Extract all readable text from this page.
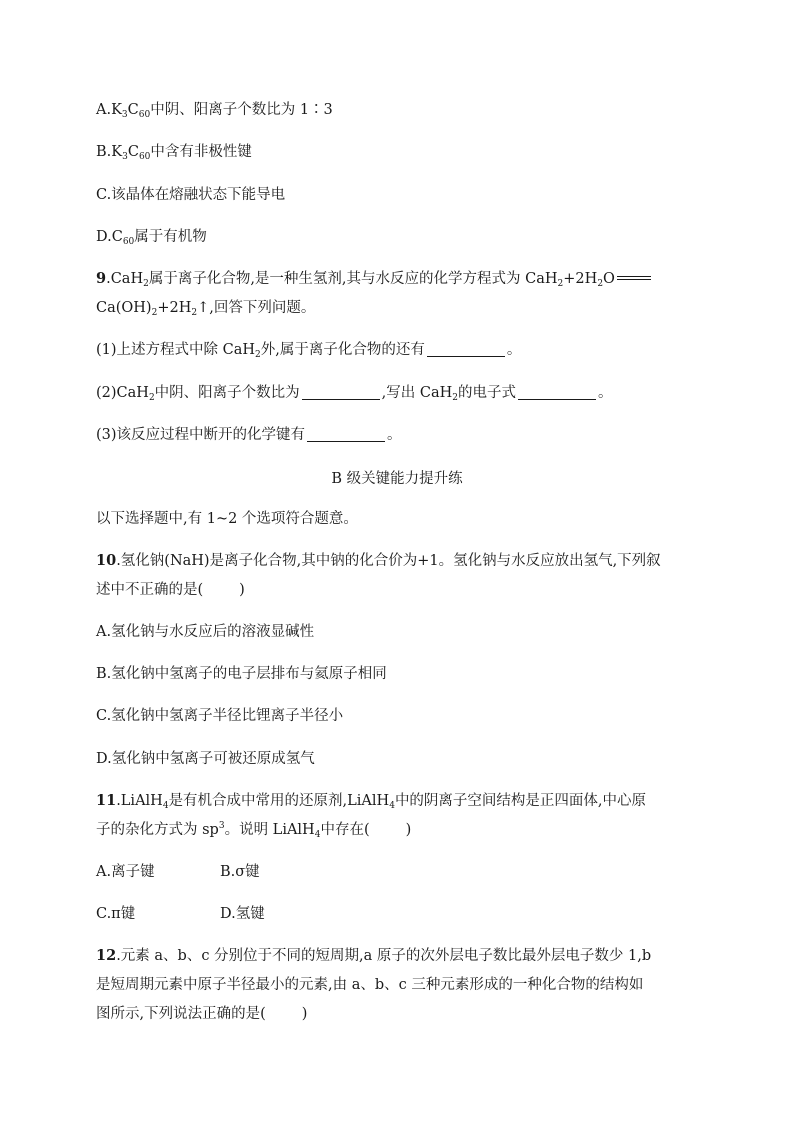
$A.K_3C_{60}$中阴、阳离子个数比为 1∶3
$B.K_3C_{60}$中含有非极性键
C.该晶体在熔融状态下能导电
$D.C_{60}$属于有机物
9.CaH$_2$属于离子化合物,是一种生氢剂,其与水反应的化学方程式为 $CaH_2+2H_2O$
$Ca(OH)_2+2H_2↑$,回答下列问题。
(1)上述方程式中除 CaH$_2$外,属于离子化合物的还有	。
(2)CaH$_2$中阴、阳离子个数比为	,写出 CaH$_2$的电子式	。
(3)该反应过程中断开的化学键有	。
B 级关键能力提升练
以下选择题中,有 1~2 个选项符合题意。
10.氢化钠(NaH)是离子化合物,其中钠的化合价为+1。氢化钠与水反应放出氢气,下列叙
述中不正确的是( )
A.氢化钠与水反应后的溶液显碱性
B.氢化钠中氢离子的电子层排布与氦原子相同
C.氢化钠中氢离子半径比锂离子半径小
D.氢化钠中氢离子可被还原成氢气
11.LiAlH$_4$是有机合成中常用的还原剂,LiAlH$_4$中的阴离子空间结构是正四面体,中心原
子的杂化方式为 $sp^3$。说明 LiAlH$_4$中存在( )
A.离子键	B.σ键
C.π键	D.氢键
12.元素 a、b、c 分别位于不同的短周期,a 原子的次外层电子数比最外层电子数少 1,b
是短周期元素中原子半径最小的元素,由 a、b、c 三种元素形成的一种化合物的结构如
图所示,下列说法正确的是( )
